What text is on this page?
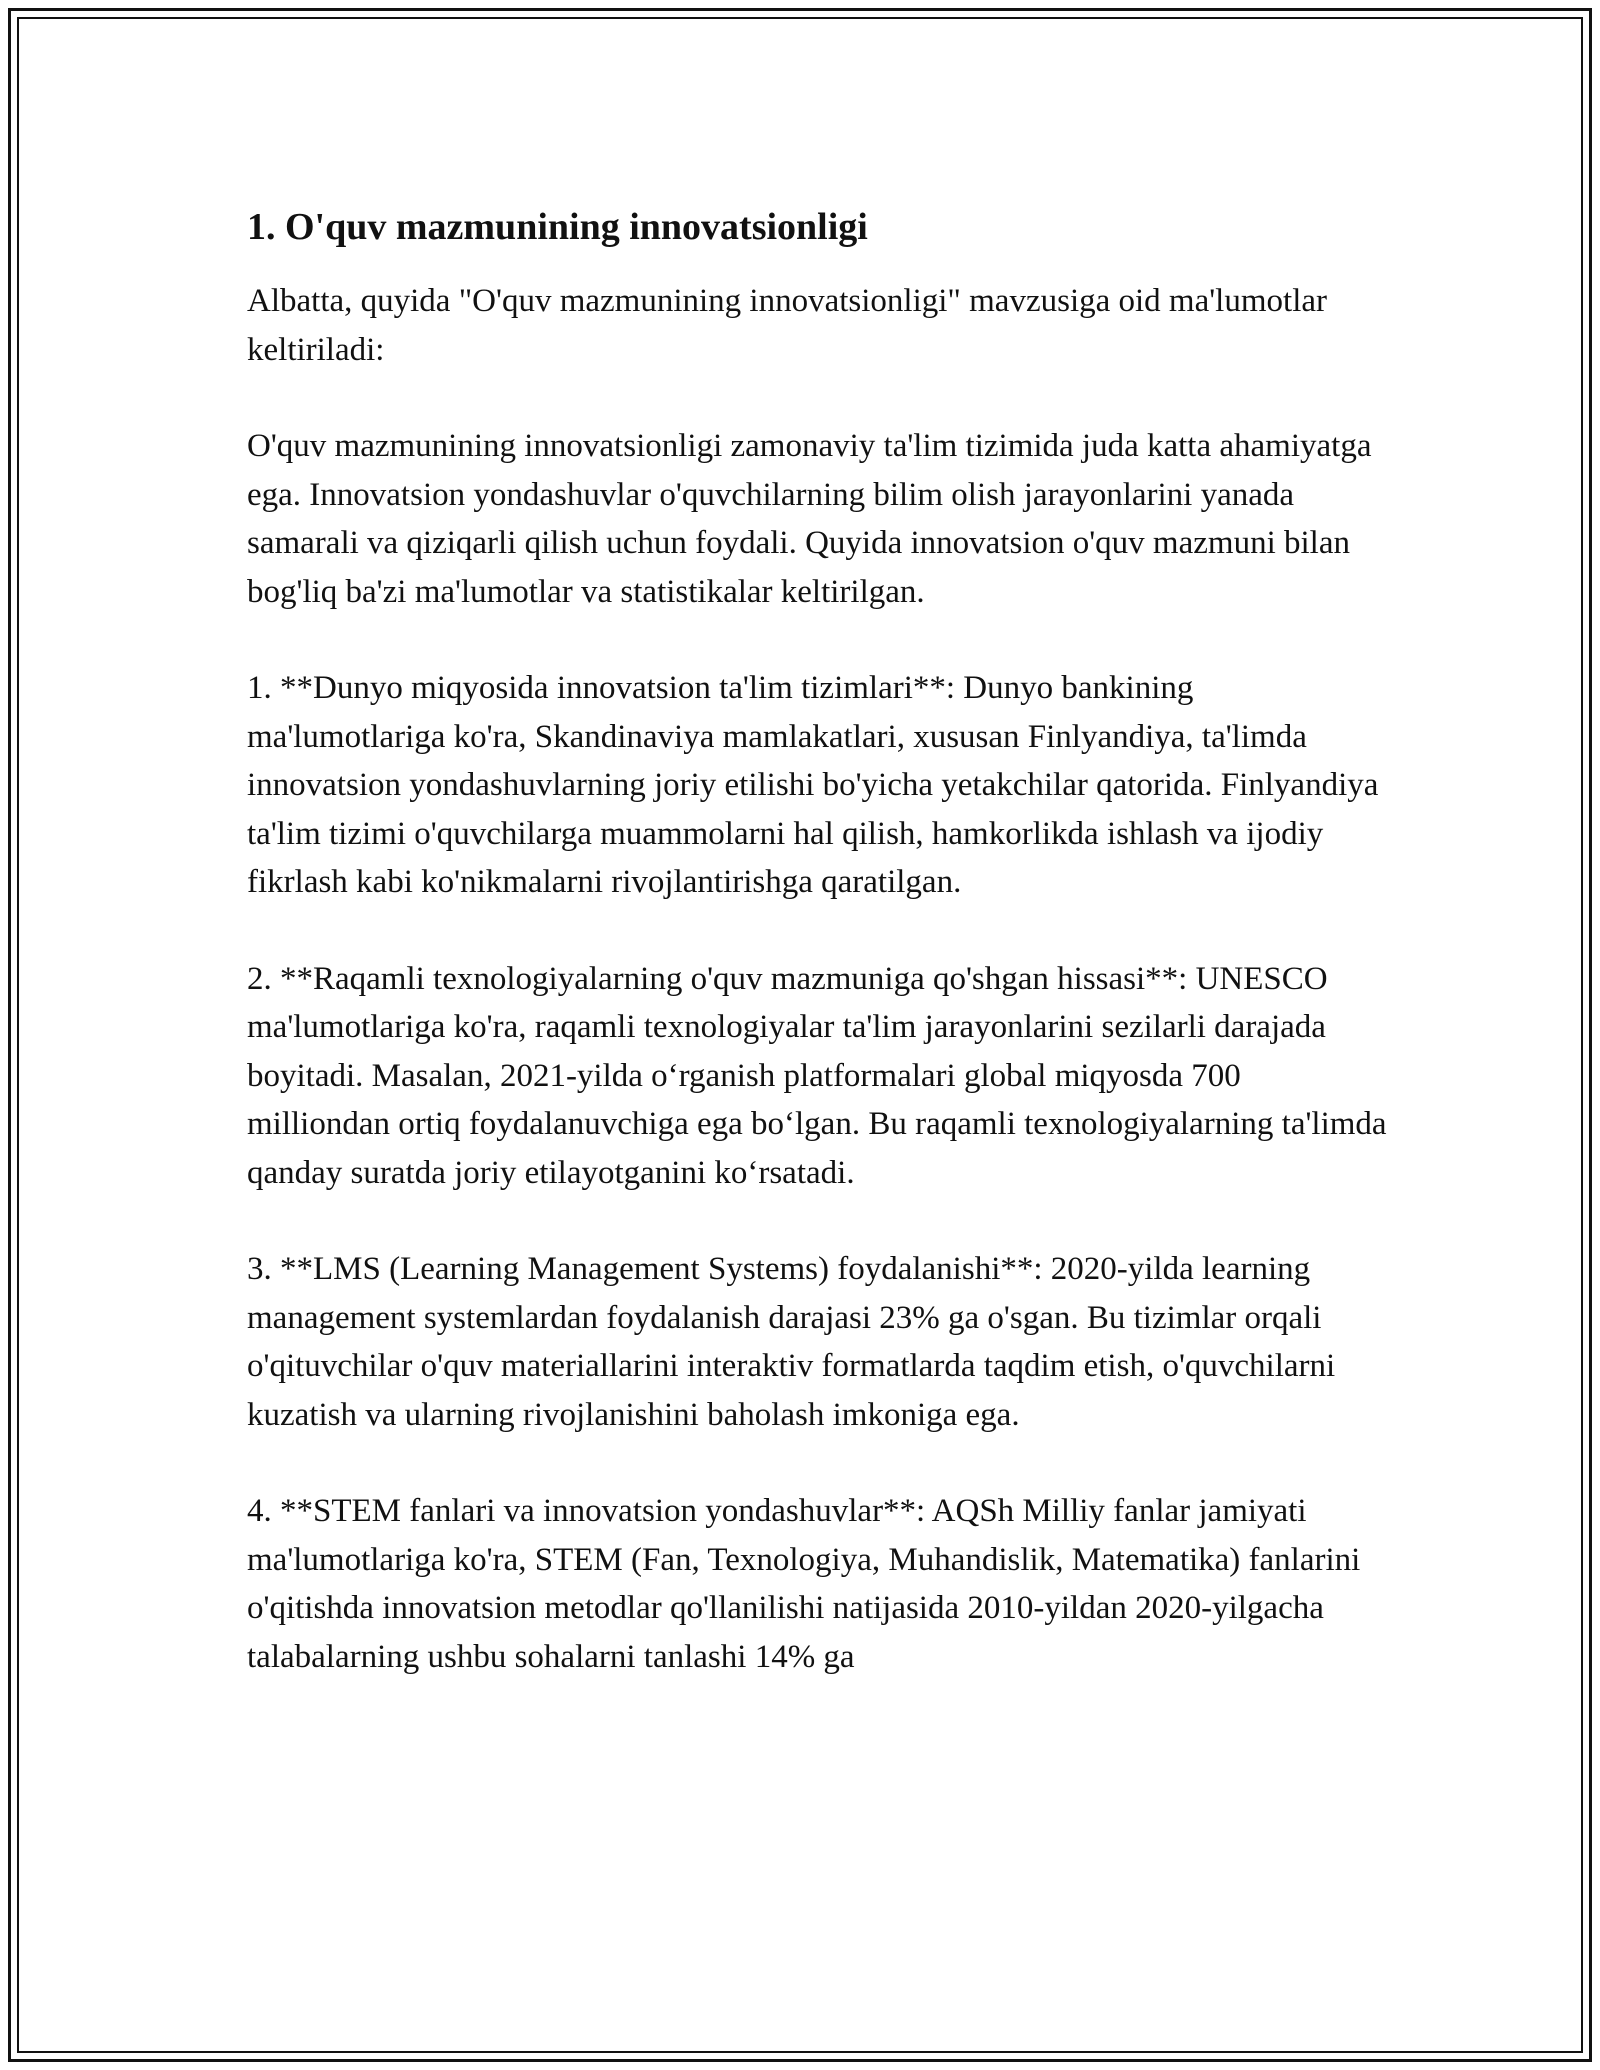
1. O'quv mazmunining innovatsionligi

Albatta, quyida "O'quv mazmunining innovatsionligi" mavzusiga oid ma'lumotlar keltiriladi:

O'quv mazmunining innovatsionligi zamonaviy ta'lim tizimida juda katta ahamiyatga ega. Innovatsion yondashuvlar o'quvchilarning bilim olish jarayonlarini yanada samarali va qiziqarli qilish uchun foydali. Quyida innovatsion o'quv mazmuni bilan bog'liq ba'zi ma'lumotlar va statistikalar keltirilgan.

1. **Dunyo miqyosida innovatsion ta'lim tizimlari**: Dunyo bankining ma'lumotlariga ko'ra, Skandinaviya mamlakatlari, xususan Finlyandiya, ta'limda innovatsion yondashuvlarning joriy etilishi bo'yicha yetakchilar qatorida. Finlyandiya ta'lim tizimi o'quvchilarga muammolarni hal qilish, hamkorlikda ishlash va ijodiy fikrlash kabi ko'nikmalarni rivojlantirishga qaratilgan.

2. **Raqamli texnologiyalarning o'quv mazmuniga qo'shgan hissasi**: UNESCO ma'lumotlariga ko'ra, raqamli texnologiyalar ta'lim jarayonlarini sezilarli darajada boyitadi. Masalan, 2021-yilda o‘rganish platformalari global miqyosda 700 milliondan ortiq foydalanuvchiga ega bo‘lgan. Bu raqamli texnologiyalarning ta'limda qanday suratda joriy etilayotganini ko‘rsatadi.

3. **LMS (Learning Management Systems) foydalanishi**: 2020-yilda learning management systemlardan foydalanish darajasi 23% ga o'sgan. Bu tizimlar orqali o'qituvchilar o'quv materiallarini interaktiv formatlarda taqdim etish, o'quvchilarni kuzatish va ularning rivojlanishini baholash imkoniga ega.

4. **STEM fanlari va innovatsion yondashuvlar**: AQSh Milliy fanlar jamiyati ma'lumotlariga ko'ra, STEM (Fan, Texnologiya, Muhandislik, Matematika) fanlarini o'qitishda innovatsion metodlar qo'llanilishi natijasida 2010-yildan 2020-yilgacha talabalarning ushbu sohalarni tanlashi 14% ga
